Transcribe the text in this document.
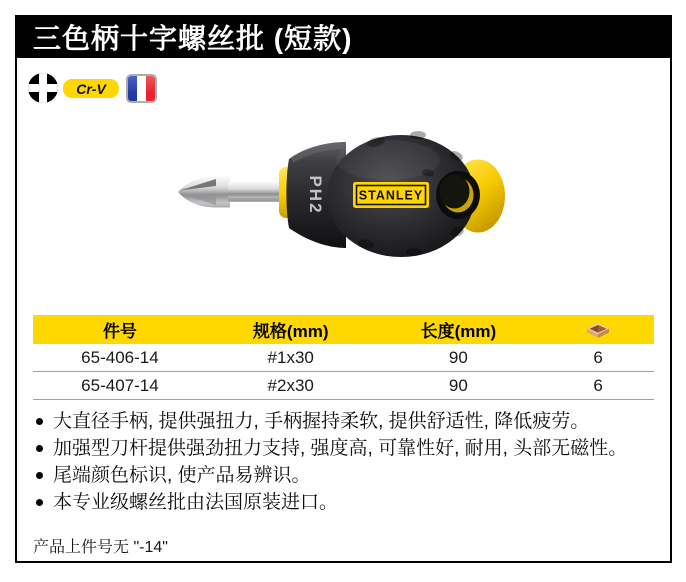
三色柄十字螺丝批 (短款)
Cr-V
STANLEY
PH2
件号	规格(mm)	长度(mm)
65-406-14	#1x30	90	6
65-407-14	#2x30	90	6
大直径手柄, 提供强扭力, 手柄握持柔软, 提供舒适性, 降低疲劳。
加强型刀杆提供强劲扭力支持, 强度高, 可靠性好, 耐用, 头部无磁性。
尾端颜色标识, 使产品易辨识。
本专业级螺丝批由法国原装进口。
产品上件号无 "-14"
